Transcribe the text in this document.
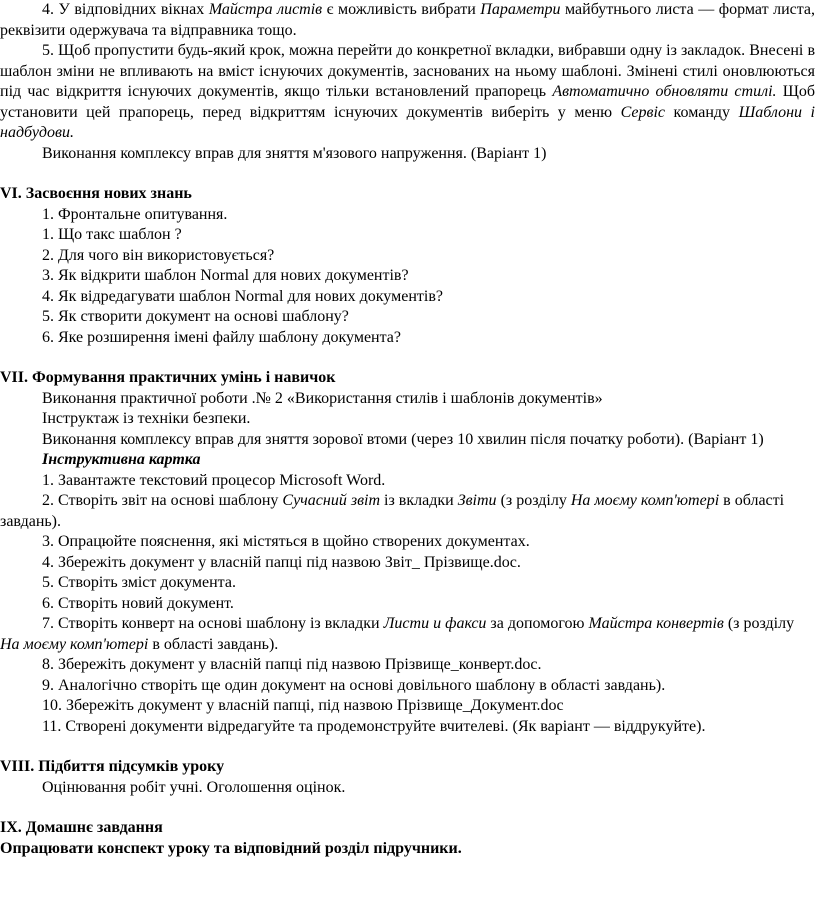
4. У відповідних вікнах Майстра листів є можливість вибрати Параметри майбутнього листа — формат листа, реквізити одержувача та відправника тощо.

5. Щоб пропустити будь-який крок, можна перейти до конкретної вкладки, вибравши одну із закладок. Внесені в шаблон зміни не впливають на вміст існуючих документів, заснованих на ньому шаблоні. Змінені стилі оновлюються під час відкриття існуючих документів, якщо тільки встановлений прапорець Автоматично обновляти стилі. Щоб установити цей прапорець, перед відкриттям існуючих документів виберіть у меню Сервіс команду Шаблони і надбудови.

Виконання комплексу вправ для зняття м'язового напруження. (Варіант 1)

VI. Засвоєння нових знань

1. Фронтальне опитування.

1. Що такс шаблон ?

2. Для чого він використовується?

3. Як відкрити шаблон Normal для нових документів?

4. Як відредагувати шаблон Normal для нових документів?

5. Як створити документ на основі шаблону?

6. Яке розширення імені файлу шаблону документа?

VII. Формування практичних умінь і навичок

Виконання практичної роботи .№ 2 «Використання стилів і шаблонів документів»

Інструктаж із техніки безпеки.

Виконання комплексу вправ для зняття зорової втоми (через 10 хвилин після початку роботи). (Варіант 1)

Інструктивна картка

1. Завантажте текстовий процесор Microsoft Word.

2. Створіть звіт на основі шаблону Сучасний звіт із вкладки Звіти (з розділу На моєму комп'ютері в області завдань).

3. Опрацюйте пояснення, які містяться в щойно створених документах.

4. Збережіть документ у власній папці під назвою Звіт_ Прізвище.doc.

5. Створіть зміст документа.

6. Створіть новий документ.

7. Створіть конверт на основі шаблону із вкладки Листи и факси за допомогою Майстра конвертів (з розділу На моєму комп'ютері в області завдань).

8. Збережіть документ у власній папці під назвою Прізвище_конверт.doc.

9. Аналогічно створіть ще один документ на основі довільного шаблону в області завдань).

10. Збережіть документ у власній папці, під назвою Прізвище_Документ.doc

11. Створені документи відредагуйте та продемонструйте вчителеві. (Як варіант — віддрукуйте).

VIII. Підбиття підсумків уроку

Оцінювання робіт учні. Оголошення оцінок.

IX. Домашнє завдання

Опрацювати конспект уроку та відповідний розділ підручники.
